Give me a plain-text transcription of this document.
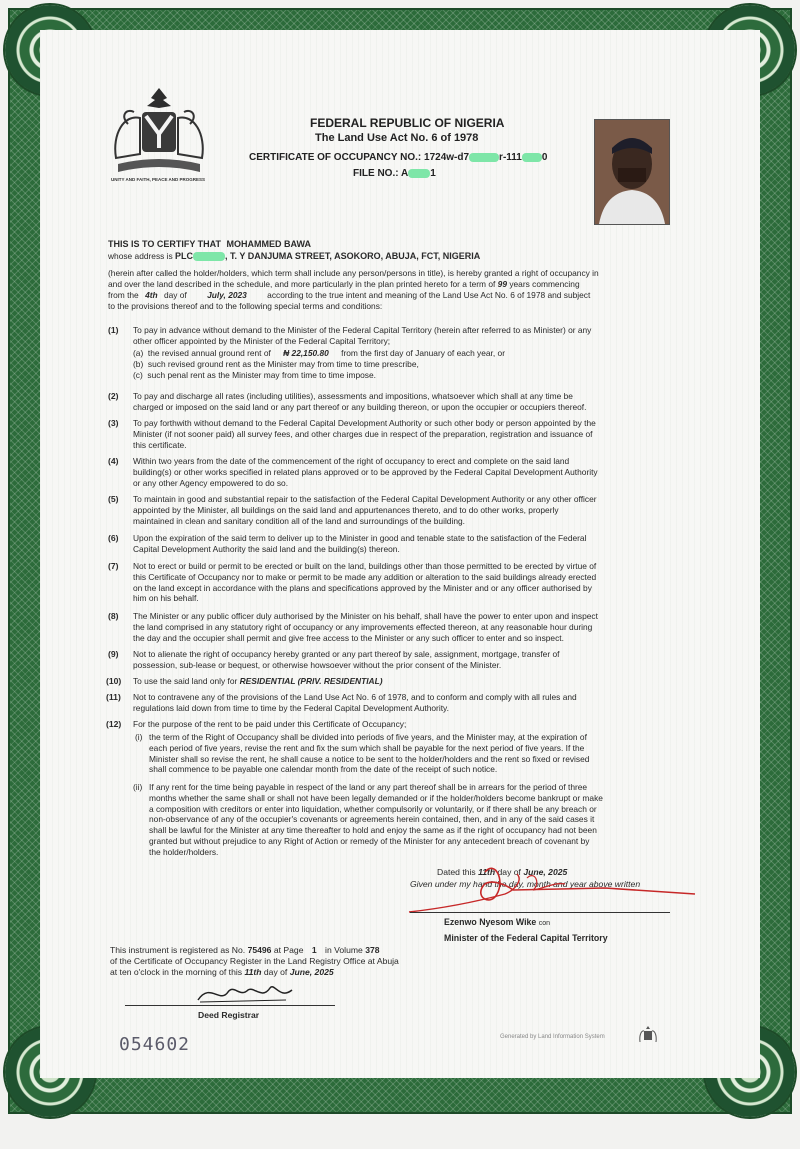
UNITY AND FAITH, PEACE AND PROGRESS
FEDERAL REPUBLIC OF NIGERIA
The Land Use Act No. 6 of 1978
CERTIFICATE OF OCCUPANCY NO.: 1724w-d7	r-111 0
FILE NO.: A 1
THIS IS TO CERTIFY THAT MOHAMMED BAWA
whose address is PLC	, T. Y DANJUMA STREET, ASOKORO, ABUJA, FCT, NIGERIA
(herein after called the holder/holders, which term shall include any person/persons in title), is hereby granted a right of occupancy in
and over the land described in the schedule, and more particularly in the plan printed hereto for a term of 99 years commencing
from the 4th day of July, 2023 according to the true intent and meaning of the Land Use Act No. 6 of 1978 and subject
to the provisions thereof and to the following special terms and conditions:
(1) To pay in advance without demand to the Minister of the Federal Capital Territory (herein after referred to as Minister) or any
other officer appointed by the Minister of the Federal Capital Territory;
(a) the revised annual ground rent of ₦ 22,150.80 from the first day of January of each year, or
(b) such revised ground rent as the Minister may from time to time prescribe,
(c) such penal rent as the Minister may from time to time impose.
(2) To pay and discharge all rates (including utilities), assessments and impositions, whatsoever which shall at any time be
charged or imposed on the said land or any part thereof or any building thereon, or upon the occupier or occupiers thereof.
(3) To pay forthwith without demand to the Federal Capital Development Authority or such other body or person appointed by the
Minister (if not sooner paid) all survey fees, and other charges due in respect of the preparation, registration and issuance of
this certificate.
(4) Within two years from the date of the commencement of the right of occupancy to erect and complete on the said land
building(s) or other works specified in related plans approved or to be approved by the Federal Capital Development Authority
or any other Agency empowered to do so.
(5) To maintain in good and substantial repair to the satisfaction of the Federal Capital Development Authority or any other officer
appointed by the Minister, all buildings on the said land and appurtenances thereto, and to do other works, properly
maintained in clean and sanitary condition all of the land and surroundings of the building.
(6) Upon the expiration of the said term to deliver up to the Minister in good and tenable state to the satisfaction of the Federal
Capital Development Authority the said land and the building(s) thereon.
(7) Not to erect or build or permit to be erected or built on the land, buildings other than those permitted to be erected by virtue of
this Certificate of Occupancy nor to make or permit to be made any addition or alteration to the said buildings already erected
on the land except in accordance with the plans and specifications approved by the Minister and or any officer authorised by
him on his behalf.
(8) The Minister or any public officer duly authorised by the Minister on his behalf, shall have the power to enter upon and inspect
the land comprised in any statutory right of occupancy or any improvements effected thereon, at any reasonable hour during
the day and the occupier shall permit and give free access to the Minister or any such officer to enter and so inspect.
(9) Not to alienate the right of occupancy hereby granted or any part thereof by sale, assignment, mortgage, transfer of
possession, sub-lease or bequest, or otherwise howsoever without the prior consent of the Minister.
(10) To use the said land only for RESIDENTIAL (PRIV. RESIDENTIAL)
(11) Not to contravene any of the provisions of the Land Use Act No. 6 of 1978, and to conform and comply with all rules and
regulations laid down from time to time by the Federal Capital Development Authority.
(12) For the purpose of the rent to be paid under this Certificate of Occupancy;
(i) the term of the Right of Occupancy shall be divided into periods of five years, and the Minister may, at the expiration of
each period of five years, revise the rent and fix the sum which shall be payable for the next period of five years. If the
Minister shall so revise the rent, he shall cause a notice to be sent to the holder/holders and the rent so fixed or revised
shall commence to be payable one calendar month from the date of the receipt of such notice.
(ii) If any rent for the time being payable in respect of the land or any part thereof shall be in arrears for the period of three
months whether the same shall or shall not have been legally demanded or if the holder/holders become bankrupt or make
a composition with creditors or enter into liquidation, whether compulsorily or voluntarily, or if there shall be any breach or
non-observance of any of the occupier's covenants or agreements herein contained, then, and in any of the said cases it
shall be lawful for the Minister at any time thereafter to hold and enjoy the same as if the right of occupancy had not been
granted but without prejudice to any Right of Action or remedy of the Minister for any antecedent breach of covenant by
the holder/holders.
Dated this 11th day of June, 2025
Given under my hand the day, month and year above written
Ezenwo Nyesom Wike con
Minister of the Federal Capital Territory
This instrument is registered as No. 75496 at Page 1 in Volume 378
of the Certificate of Occupancy Register in the Land Registry Office at Abuja
at ten o'clock in the morning of this 11th day of June, 2025
Deed Registrar
054602	Generated by Land Information System
